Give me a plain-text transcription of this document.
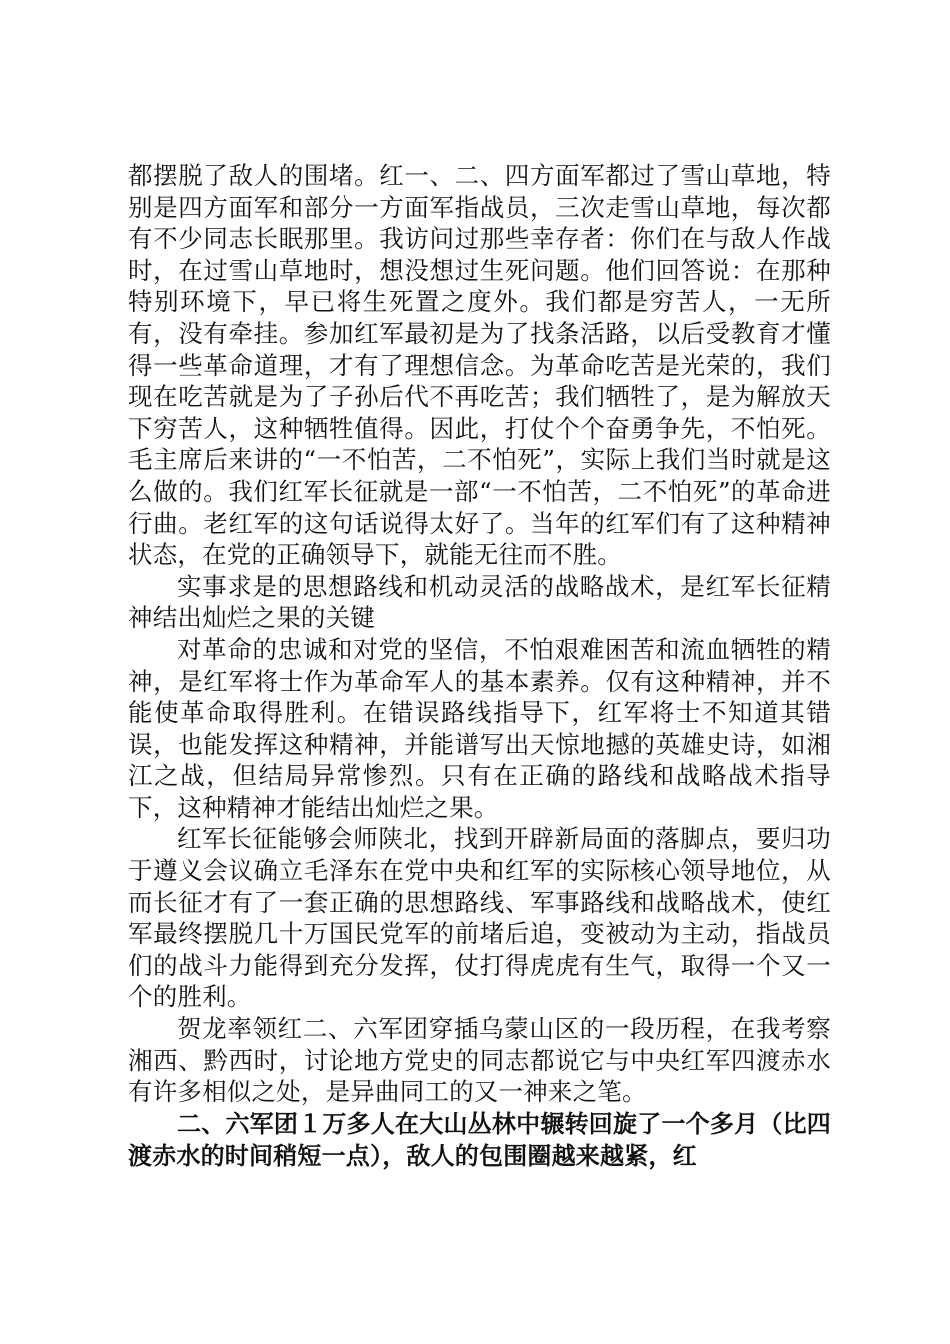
都摆脱了敌人的围堵。红一、二、四方面军都过了雪山草地，特别是四方面军和部分一方面军指战员，三次走雪山草地，每次都有不少同志长眠那里。我访问过那些幸存者：你们在与敌人作战时，在过雪山草地时，想没想过生死问题。他们回答说：在那种特别环境下，早已将生死置之度外。我们都是穷苦人，一无所有，没有牵挂。参加红军最初是为了找条活路，以后受教育才懂得一些革命道理，才有了理想信念。为革命吃苦是光荣的，我们现在吃苦就是为了子孙后代不再吃苦；我们牺牲了，是为解放天下穷苦人，这种牺牲值得。因此，打仗个个奋勇争先，不怕死。毛主席后来讲的“一不怕苦，二不怕死”，实际上我们当时就是这么做的。我们红军长征就是一部“一不怕苦，二不怕死”的革命进行曲。老红军的这句话说得太好了。当年的红军们有了这种精神状态，在党的正确领导下，就能无往而不胜。

实事求是的思想路线和机动灵活的战略战术，是红军长征精神结出灿烂之果的关键

对革命的忠诚和对党的坚信，不怕艰难困苦和流血牺牲的精神，是红军将士作为革命军人的基本素养。仅有这种精神，并不能使革命取得胜利。在错误路线指导下，红军将士不知道其错误，也能发挥这种精神，并能谱写出天惊地撼的英雄史诗，如湘江之战，但结局异常惨烈。只有在正确的路线和战略战术指导下，这种精神才能结出灿烂之果。

红军长征能够会师陕北，找到开辟新局面的落脚点，要归功于遵义会议确立毛泽东在党中央和红军的实际核心领导地位，从而长征才有了一套正确的思想路线、军事路线和战略战术，使红军最终摆脱几十万国民党军的前堵后追，变被动为主动，指战员们的战斗力能得到充分发挥，仗打得虎虎有生气，取得一个又一个的胜利。

贺龙率领红二、六军团穿插乌蒙山区的一段历程，在我考察湘西、黔西时，讨论地方党史的同志都说它与中央红军四渡赤水有许多相似之处，是异曲同工的又一神来之笔。

二、六军团１万多人在大山丛林中辗转回旋了一个多月（比四渡赤水的时间稍短一点），敌人的包围圈越来越紧，红
